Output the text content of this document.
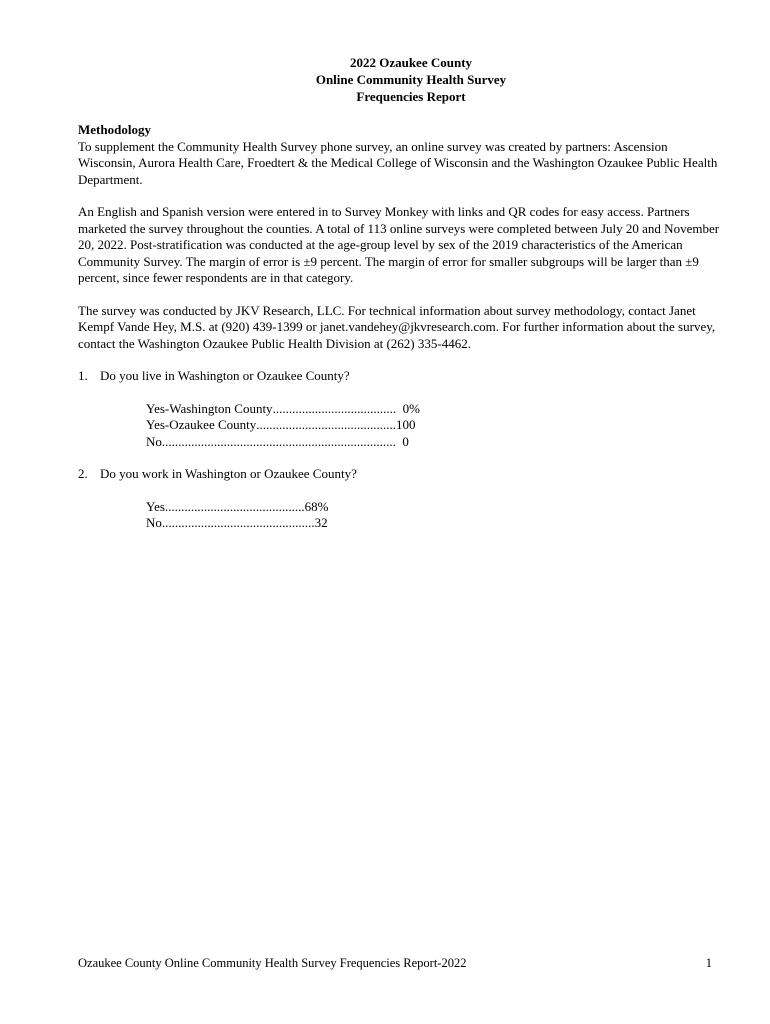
2022 Ozaukee County
Online Community Health Survey
Frequencies Report
Methodology

To supplement the Community Health Survey phone survey, an online survey was created by partners: Ascension Wisconsin, Aurora Health Care, Froedtert & the Medical College of Wisconsin and the Washington Ozaukee Public Health Department.

An English and Spanish version were entered in to Survey Monkey with links and QR codes for easy access. Partners marketed the survey throughout the counties. A total of 113 online surveys were completed between July 20 and November 20, 2022. Post-stratification was conducted at the age-group level by sex of the 2019 characteristics of the American Community Survey. The margin of error is ±9 percent. The margin of error for smaller subgroups will be larger than ±9 percent, since fewer respondents are in that category.

The survey was conducted by JKV Research, LLC. For technical information about survey methodology, contact Janet Kempf Vande Hey, M.S. at (920) 439-1399 or janet.vandehey@jkvresearch.com. For further information about the survey, contact the Washington Ozaukee Public Health Division at (262) 335-4462.

1. Do you live in Washington or Ozaukee County?
Yes-Washington County ...................................... 0%
Yes-Ozaukee County ........................................... 100
No ........................................................................ 0
2. Do you work in Washington or Ozaukee County?
Yes ........................................... 68%
No ............................................... 32
Ozaukee County Online Community Health Survey Frequencies Report-2022	1
